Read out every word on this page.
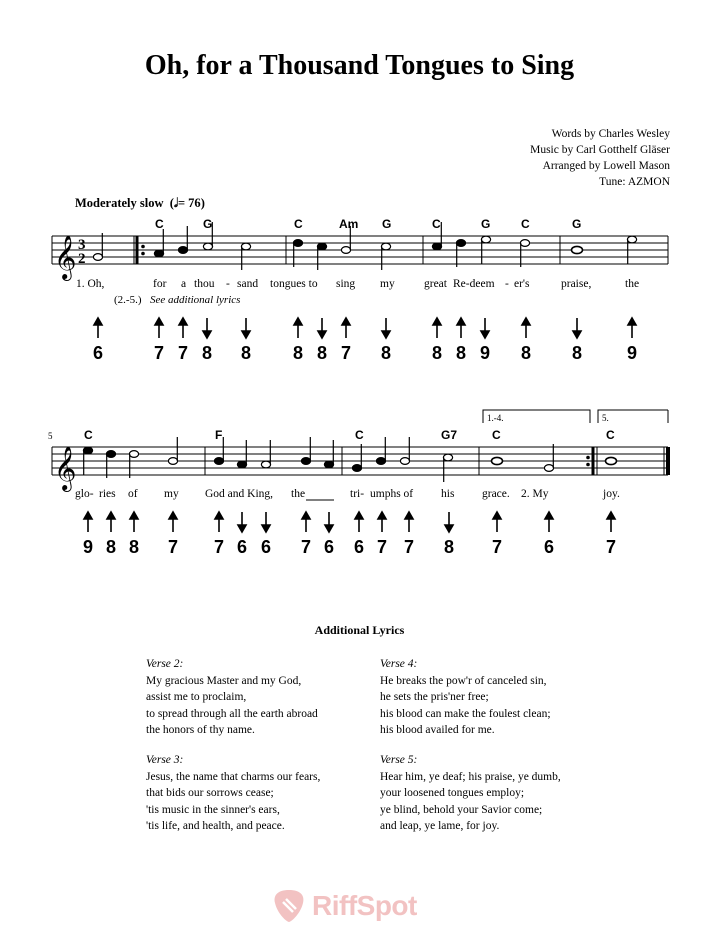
Oh, for a Thousand Tongues to Sing
Words by Charles Wesley
Music by Carl Gotthelf Gläser
Arranged by Lowell Mason
Tune: AZMON
Moderately slow  (𝅗𝅥= 76)
𝄞
𝄞
3
2
C	G	C	Am G	C	G	C	G
1. Oh,	for a thou - sand tongues to sing my	great Re-deem - er's	praise,	the
(2.-5.) See additional lyrics
6	7 7 8 8 8 8 7 8 8 8 9 8 8 9
5
1.-4.	5.
C	F	C	G7	C	C
glo- ries of my God and King, the	tri- umphs of his grace. 2. My	joy.
9 8 8 7 7 6 6 7 6 6 7 7 8 7 6	7
Additional Lyrics
Verse 2:
My gracious Master and my God,
assist me to proclaim,
to spread through all the earth abroad
the honors of thy name.
Verse 3:
Jesus, the name that charms our fears,
that bids our sorrows cease;
'tis music in the sinner's ears,
'tis life, and health, and peace.
Verse 4:
He breaks the pow'r of canceled sin,
he sets the pris'ner free;
his blood can make the foulest clean;
his blood availed for me.
Verse 5:
Hear him, ye deaf; his praise, ye dumb,
your loosened tongues employ;
ye blind, behold your Savior come;
and leap, ye lame, for joy.
RiffSpot
